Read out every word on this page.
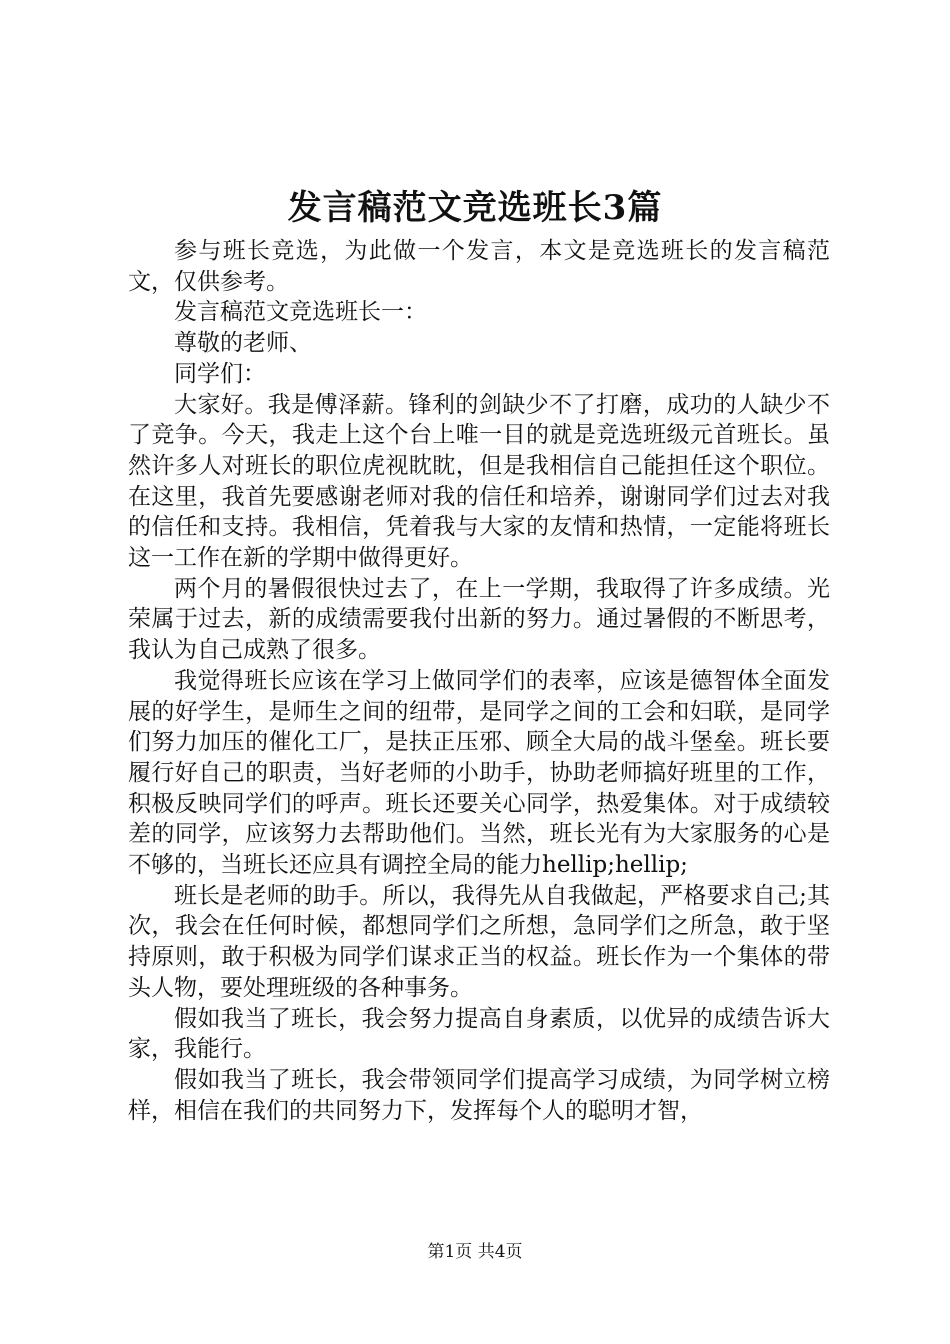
发言稿范文竞选班长3篇

参与班长竞选，为此做一个发言，本文是竞选班长的发言稿范文，仅供参考。

发言稿范文竞选班长一：

尊敬的老师、

同学们：

大家好。我是傅泽薪。锋利的剑缺少不了打磨，成功的人缺少不了竞争。今天，我走上这个台上唯一目的就是竞选班级元首班长。虽然许多人对班长的职位虎视眈眈，但是我相信自己能担任这个职位。在这里，我首先要感谢老师对我的信任和培养，谢谢同学们过去对我的信任和支持。我相信，凭着我与大家的友情和热情，一定能将班长这一工作在新的学期中做得更好。

两个月的暑假很快过去了，在上一学期，我取得了许多成绩。光荣属于过去，新的成绩需要我付出新的努力。通过暑假的不断思考，我认为自己成熟了很多。

我觉得班长应该在学习上做同学们的表率，应该是德智体全面发展的好学生，是师生之间的纽带，是同学之间的工会和妇联，是同学们努力加压的催化工厂，是扶正压邪、顾全大局的战斗堡垒。班长要履行好自己的职责，当好老师的小助手，协助老师搞好班里的工作，积极反映同学们的呼声。班长还要关心同学，热爱集体。对于成绩较差的同学，应该努力去帮助他们。当然，班长光有为大家服务的心是不够的，当班长还应具有调控全局的能力hellip;hellip;

班长是老师的助手。所以，我得先从自我做起，严格要求自己;其次，我会在任何时候，都想同学们之所想，急同学们之所急，敢于坚持原则，敢于积极为同学们谋求正当的权益。班长作为一个集体的带头人物，要处理班级的各种事务。

假如我当了班长，我会努力提高自身素质，以优异的成绩告诉大家，我能行。

假如我当了班长，我会带领同学们提高学习成绩，为同学树立榜样，相信在我们的共同努力下，发挥每个人的聪明才智，

第1页 共4页
